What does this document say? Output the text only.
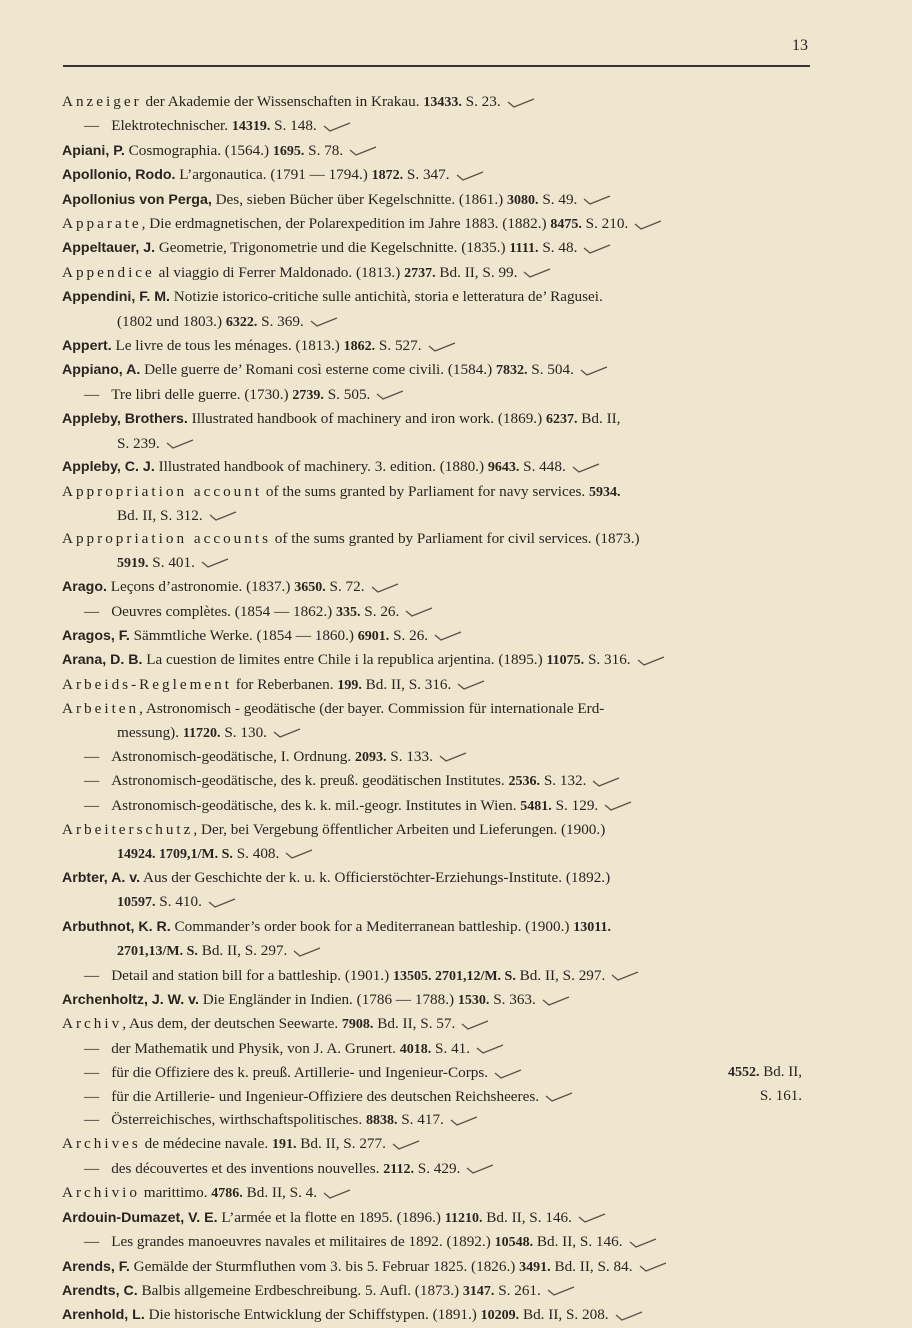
13
Anzeiger der Akademie der Wissenschaften in Krakau. 13433. S. 23.
— Elektrotechnischer. 14319. S. 148.
Apiani, P. Cosmographia. (1564.) 1695. S. 78.
Apollonio, Rodo. L’argonautica. (1791 — 1794.) 1872. S. 347.
Apollonius von Perga, Des, sieben Bücher über Kegelschnitte. (1861.) 3080. S. 49.
Apparate, Die erdmagnetischen, der Polarexpedition im Jahre 1883. (1882.) 8475. S. 210.
Appeltauer, J. Geometrie, Trigonometrie und die Kegelschnitte. (1835.) 1111. S. 48.
Appendice al viaggio di Ferrer Maldonado. (1813.) 2737. Bd. II, S. 99.
Appendini, F. M. Notizie istorico-critiche sulle antichità, storia e letteratura de’ Ragusei.
(1802 und 1803.) 6322. S. 369.
Appert. Le livre de tous les ménages. (1813.) 1862. S. 527.
Appiano, A. Delle guerre de’ Romani così esterne come civili. (1584.) 7832. S. 504.
— Tre libri delle guerre. (1730.) 2739. S. 505.
Appleby, Brothers. Illustrated handbook of machinery and iron work. (1869.) 6237. Bd. II,
S. 239.
Appleby, C. J. Illustrated handbook of machinery. 3. edition. (1880.) 9643. S. 448.
Appropriation account of the sums granted by Parliament for navy services. 5934.
Bd. II, S. 312.
Appropriation accounts of the sums granted by Parliament for civil services. (1873.)
5919. S. 401.
Arago. Leçons d’astronomie. (1837.) 3650. S. 72.
— Oeuvres complètes. (1854 — 1862.) 335. S. 26.
Aragos, F. Sämmtliche Werke. (1854 — 1860.) 6901. S. 26.
Arana, D. B. La cuestion de limites entre Chile i la republica arjentina. (1895.) 11075. S. 316.
Arbeids-Reglement for Reberbanen. 199. Bd. II, S. 316.
Arbeiten, Astronomisch - geodätische (der bayer. Commission für internationale Erd-
messung). 11720. S. 130.
— Astronomisch-geodätische, I. Ordnung. 2093. S. 133.
— Astronomisch-geodätische, des k. preuß. geodätischen Institutes. 2536. S. 132.
— Astronomisch-geodätische, des k. k. mil.-geogr. Institutes in Wien. 5481. S. 129.
Arbeiterschutz, Der, bei Vergebung öffentlicher Arbeiten und Lieferungen. (1900.)
14924. 1709,1/M. S. S. 408.
Arbter, A. v. Aus der Geschichte der k. u. k. Officierstöchter-Erziehungs-Institute. (1892.)
10597. S. 410.
Arbuthnot, K. R. Commander’s order book for a Mediterranean battleship. (1900.) 13011.
2701,13/M. S. Bd. II, S. 297.
— Detail and station bill for a battleship. (1901.) 13505. 2701,12/M. S. Bd. II, S. 297.
Archenholtz, J. W. v. Die Engländer in Indien. (1786 — 1788.) 1530. S. 363.
Archiv, Aus dem, der deutschen Seewarte. 7908. Bd. II, S. 57.
— der Mathematik und Physik, von J. A. Grunert. 4018. S. 41.
— für die Offiziere des k. preuß. Artillerie- und Ingenieur-Corps.	4552. Bd. II,
S. 161.
— für die Artillerie- und Ingenieur-Offiziere des deutschen Reichsheeres.
— Österreichisches, wirthschaftspolitisches. 8838. S. 417.
Archives de médecine navale. 191. Bd. II, S. 277.
— des découvertes et des inventions nouvelles. 2112. S. 429.
Archivio marittimo. 4786. Bd. II, S. 4.
Ardouin-Dumazet, V. E. L’armée et la flotte en 1895. (1896.) 11210. Bd. II, S. 146.
— Les grandes manoeuvres navales et militaires de 1892. (1892.) 10548. Bd. II, S. 146.
Arends, F. Gemälde der Sturmfluthen vom 3. bis 5. Februar 1825. (1826.) 3491. Bd. II, S. 84.
Arendts, C. Balbis allgemeine Erdbeschreibung. 5. Aufl. (1873.) 3147. S. 261.
Arenhold, L. Die historische Entwicklung der Schiffstypen. (1891.) 10209. Bd. II, S. 208.
